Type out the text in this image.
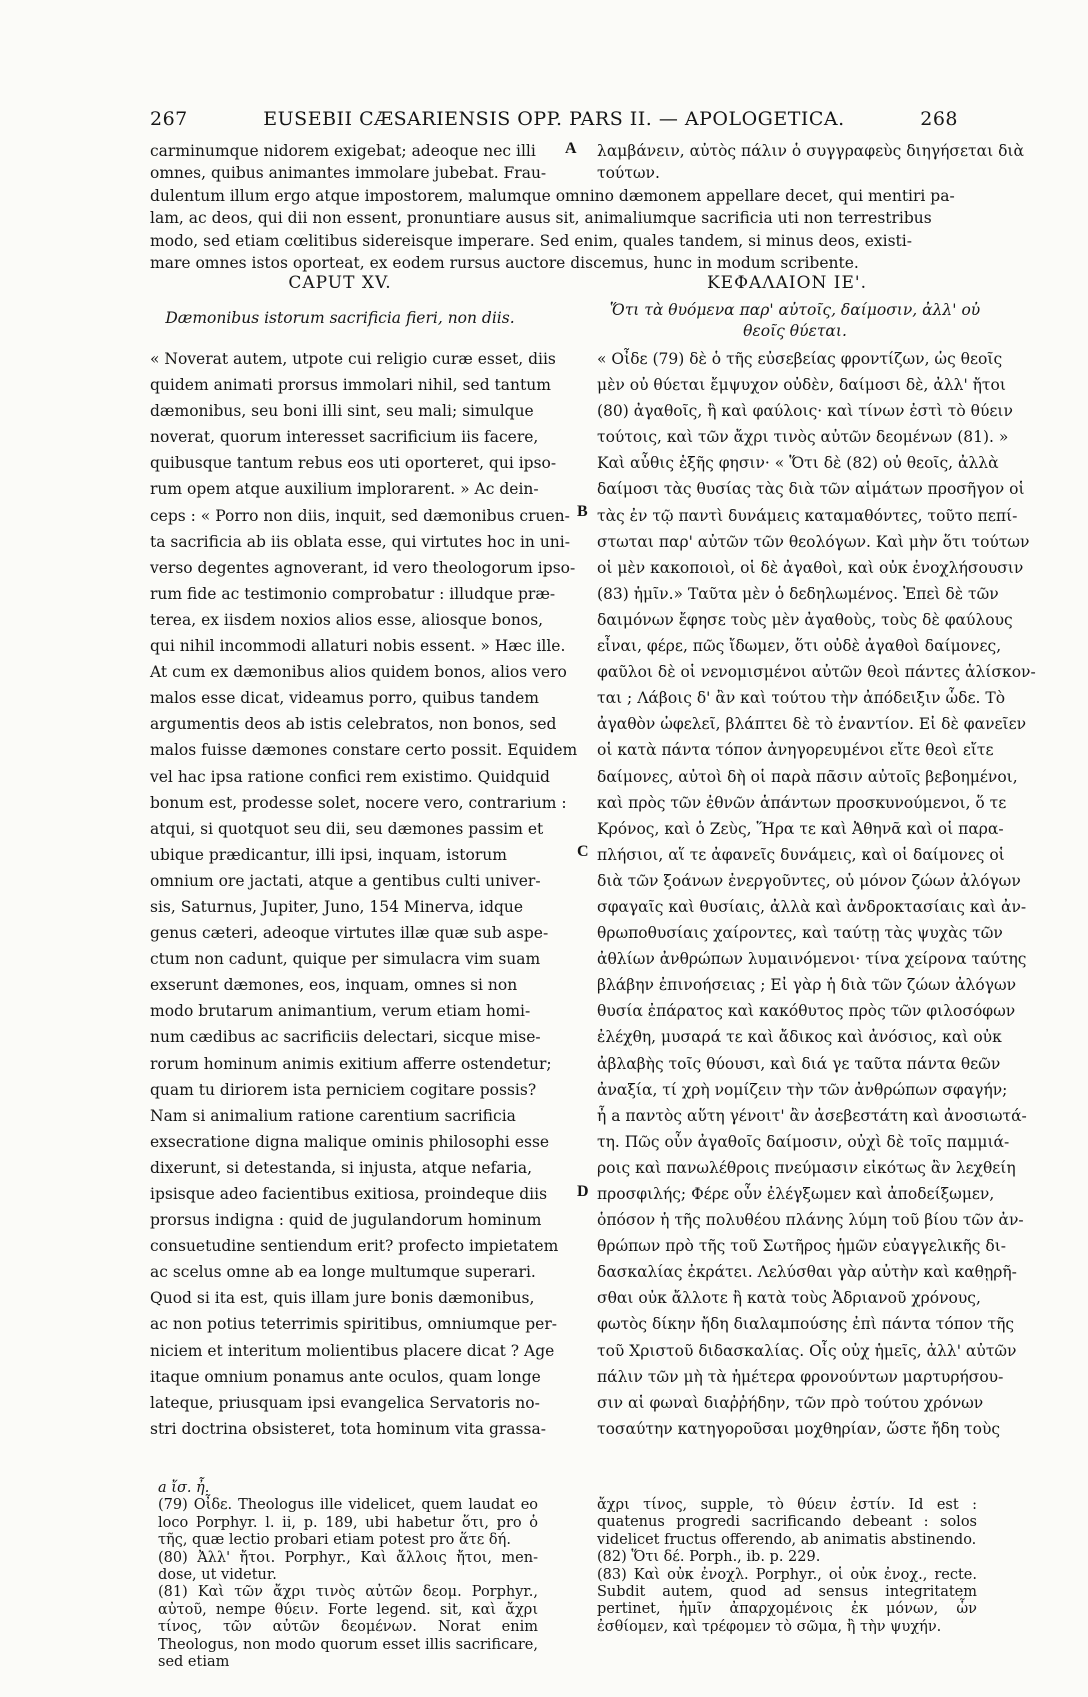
267	EUSEBII CÆSARIENSIS OPP. PARS II. — APOLOGETICA.	268
carminumque nidorem exigebat; adeoque nec illi
omnes, quibus animantes immolare jubebat. Frau-
A λαμβάνειν, αὐτὸς πάλιν ὁ συγγραφεὺς διηγήσεται διὰ
τούτων.
dulentum illum ergo atque impostorem, malumque omnino dæmonem appellare decet, qui mentiri pa-
lam, ac deos, qui dii non essent, pronuntiare ausus sit, animaliumque sacrificia uti non terrestribus
modo, sed etiam cœlitibus sidereisque imperare. Sed enim, quales tandem, si minus deos, existi-
mare omnes istos oporteat, ex eodem rursus auctore discemus, hunc in modum scribente.
CAPUT XV.	ΚΕΦΑΛΑΙΟΝ ΙΕ'.
Dæmonibus istorum sacrificia fieri, non diis.	Ὅτι τὰ θυόμενα παρ' αὐτοῖς, δαίμοσιν, ἀλλ' οὐ
θεοῖς θύεται.
« Noverat autem, utpote cui religio curæ esset, diis
quidem animati prorsus immolari nihil, sed tantum
dæmonibus, seu boni illi sint, seu mali; simulque
noverat, quorum interesset sacrificium iis facere,
quibusque tantum rebus eos uti oporteret, qui ipso-
rum opem atque auxilium implorarent. » Ac dein-
ceps : « Porro non diis, inquit, sed dæmonibus cruen-
ta sacrificia ab iis oblata esse, qui virtutes hoc in uni-
verso degentes agnoverant, id vero theologorum ipso-
rum fide ac testimonio comprobatur : illudque præ-
terea, ex iisdem noxios alios esse, aliosque bonos,
qui nihil incommodi allaturi nobis essent. » Hæc ille.
At cum ex dæmonibus alios quidem bonos, alios vero
malos esse dicat, videamus porro, quibus tandem
argumentis deos ab istis celebratos, non bonos, sed
malos fuisse dæmones constare certo possit. Equidem
vel hac ipsa ratione confici rem existimo. Quidquid
bonum est, prodesse solet, nocere vero, contrarium :
atqui, si quotquot seu dii, seu dæmones passim et
ubique prædicantur, illi ipsi, inquam, istorum
omnium ore jactati, atque a gentibus culti univer-
sis, Saturnus, Jupiter, Juno, 154 Minerva, idque
genus cæteri, adeoque virtutes illæ quæ sub aspe-
ctum non cadunt, quique per simulacra vim suam
exserunt dæmones, eos, inquam, omnes si non
modo brutarum animantium, verum etiam homi-
num cædibus ac sacrificiis delectari, sicque mise-
rorum hominum animis exitium afferre ostendetur;
quam tu diriorem ista perniciem cogitare possis?
Nam si animalium ratione carentium sacrificia
exsecratione digna malique ominis philosophi esse
dixerunt, si detestanda, si injusta, atque nefaria,
ipsisque adeo facientibus exitiosa, proindeque diis
prorsus indigna : quid de jugulandorum hominum
consuetudine sentiendum erit? profecto impietatem
ac scelus omne ab ea longe multumque superari.
Quod si ita est, quis illam jure bonis dæmonibus,
ac non potius teterrimis spiritibus, omniumque per-
niciem et interitum molientibus placere dicat ? Age
itaque omnium ponamus ante oculos, quam longe
lateque, priusquam ipsi evangelica Servatoris no-
stri doctrina obsisteret, tota hominum vita grassa-
« Οἶδε (79) δὲ ὁ τῆς εὐσεβείας φροντίζων, ὡς θεοῖς
μὲν οὐ θύεται ἔμψυχον οὐδὲν, δαίμοσι δὲ, ἀλλ' ἤτοι
(80) ἀγαθοῖς, ἢ καὶ φαύλοις· καὶ τίνων ἐστὶ τὸ θύειν
τούτοις, καὶ τῶν ἄχρι τινὸς αὐτῶν δεομένων (81). »
Καὶ αὖθις ἑξῆς φησιν· « Ὅτι δὲ (82) οὐ θεοῖς, ἀλλὰ
δαίμοσι τὰς θυσίας τὰς διὰ τῶν αἱμάτων προσῆγον οἱ
τὰς ἐν τῷ παντὶ δυνάμεις καταμαθόντες, τοῦτο πεπί-
στωται παρ' αὐτῶν τῶν θεολόγων. Καὶ μὴν ὅτι τούτων
οἱ μὲν κακοποιοὶ, οἱ δὲ ἀγαθοὶ, καὶ οὐκ ἐνοχλήσουσιν
(83) ἡμῖν.» Ταῦτα μὲν ὁ δεδηλωμένος. Ἐπεὶ δὲ τῶν
δαιμόνων ἔφησε τοὺς μὲν ἀγαθοὺς, τοὺς δὲ φαύλους
εἶναι, φέρε, πῶς ἴδωμεν, ὅτι οὐδὲ ἀγαθοὶ δαίμονες,
φαῦλοι δὲ οἱ νενομισμένοι αὐτῶν θεοὶ πάντες ἁλίσκον-
ται ; Λάβοις δ' ἂν καὶ τούτου τὴν ἀπόδειξιν ὧδε. Τὸ
ἀγαθὸν ὠφελεῖ, βλάπτει δὲ τὸ ἐναντίον. Εἰ δὲ φανεῖεν
οἱ κατὰ πάντα τόπον ἀνηγορευμένοι εἴτε θεοὶ εἴτε
δαίμονες, αὐτοὶ δὴ οἱ παρὰ πᾶσιν αὐτοῖς βεβοημένοι,
καὶ πρὸς τῶν ἐθνῶν ἁπάντων προσκυνούμενοι, ὅ τε
Κρόνος, καὶ ὁ Ζεὺς, Ἥρα τε καὶ Ἀθηνᾶ καὶ οἱ παρα-
πλήσιοι, αἵ τε ἀφανεῖς δυνάμεις, καὶ οἱ δαίμονες οἱ
διὰ τῶν ξοάνων ἐνεργοῦντες, οὐ μόνον ζώων ἀλόγων
σφαγαῖς καὶ θυσίαις, ἀλλὰ καὶ ἀνδροκτασίαις καὶ ἀν-
θρωποθυσίαις χαίροντες, καὶ ταύτῃ τὰς ψυχὰς τῶν
ἀθλίων ἀνθρώπων λυμαινόμενοι· τίνα χείρονα ταύτης
βλάβην ἐπινοήσειας ; Εἰ γὰρ ἡ διὰ τῶν ζώων ἀλόγων
θυσία ἐπάρατος καὶ κακόθυτος πρὸς τῶν φιλοσόφων
ἐλέχθη, μυσαρά τε καὶ ἄδικος καὶ ἀνόσιος, καὶ οὐκ
ἀβλαβὴς τοῖς θύουσι, καὶ διά γε ταῦτα πάντα θεῶν
ἀναξία, τί χρὴ νομίζειν τὴν τῶν ἀνθρώπων σφαγήν;
ἦ a παντὸς αὕτη γένοιτ' ἂν ἀσεβεστάτη καὶ ἀνοσιωτά-
τη. Πῶς οὖν ἀγαθοῖς δαίμοσιν, οὐχὶ δὲ τοῖς παμμιά-
ροις καὶ πανωλέθροις πνεύμασιν εἰκότως ἂν λεχθείη
προσφιλής; Φέρε οὖν ἐλέγξωμεν καὶ ἀποδείξωμεν,
ὁπόσον ἡ τῆς πολυθέου πλάνης λύμη τοῦ βίου τῶν ἀν-
θρώπων πρὸ τῆς τοῦ Σωτῆρος ἡμῶν εὐαγγελικῆς δι-
δασκαλίας ἐκράτει. Λελύσθαι γὰρ αὐτὴν καὶ καθῃρῆ-
σθαι οὐκ ἄλλοτε ἢ κατὰ τοὺς Ἀδριανοῦ χρόνους,
φωτὸς δίκην ἤδη διαλαμπούσης ἐπὶ πάντα τόπον τῆς
τοῦ Χριστοῦ διδασκαλίας. Οἷς οὐχ ἡμεῖς, ἀλλ' αὐτῶν
πάλιν τῶν μὴ τὰ ἡμέτερα φρονούντων μαρτυρήσου-
σιν αἱ φωναὶ διαῤῥήδην, τῶν πρὸ τούτου χρόνων
τοσαύτην κατηγοροῦσαι μοχθηρίαν, ὥστε ἤδη τοὺς
B
C
D

a ἴσ. ἦ.

(79) Οἶδε. Theologus ille videlicet, quem laudat eo loco Porphyr. l. ii, p. 189, ubi habetur ὅτι, pro ὁ τῆς, quæ lectio probari etiam potest pro ἅτε δή.

(80) Ἀλλ' ἤτοι. Porphyr., Καὶ ἄλλοις ἤτοι, men-dose, ut videtur.

(81) Καὶ τῶν ἄχρι τινὸς αὐτῶν δεομ. Porphyr., αὐτοῦ, nempe θύειν. Forte legend. sit, καὶ ἄχρι τίνος, τῶν αὐτῶν δεομένων. Norat enim Theologus, non modo quorum esset illis sacrificare, sed etiam

ἄχρι τίνος, supple, τὸ θύειν ἐστίν. Id est : quatenus progredi sacrificando debeant : solos videlicet fructus offerendo, ab animatis abstinendo.

(82) Ὅτι δέ. Porph., ib. p. 229.

(83) Καὶ οὐκ ἐνοχλ. Porphyr., οἱ οὐκ ἐνοχ., recte. Subdit autem, quod ad sensus integritatem pertinet, ἡμῖν ἀπαρχομένοις ἐκ μόνων, ὧν ἐσθίομεν, καὶ τρέφομεν τὸ σῶμα, ἢ τὴν ψυχήν.
